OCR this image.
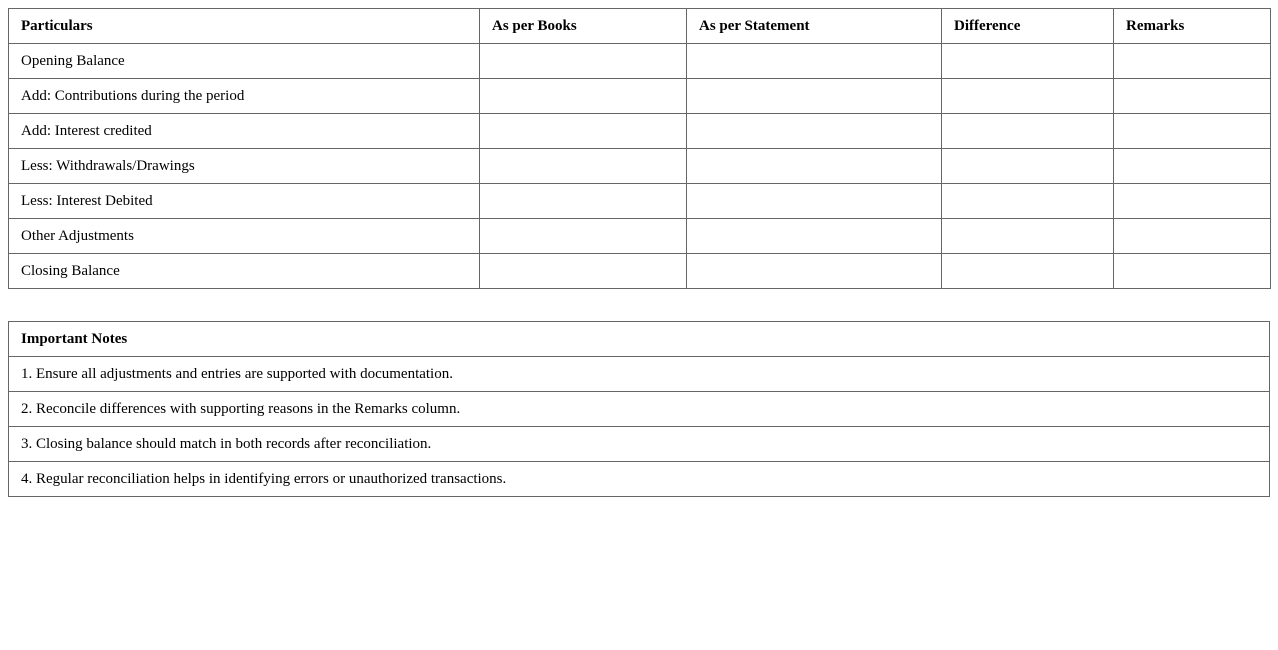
Particulars	As per Books	As per Statement	Difference	Remarks
Opening Balance				
Add: Contributions during the period				
Add: Interest credited				
Less: Withdrawals/Drawings				
Less: Interest Debited				
Other Adjustments				
Closing Balance				
Important Notes
1. Ensure all adjustments and entries are supported with documentation.
2. Reconcile differences with supporting reasons in the Remarks column.
3. Closing balance should match in both records after reconciliation.
4. Regular reconciliation helps in identifying errors or unauthorized transactions.
